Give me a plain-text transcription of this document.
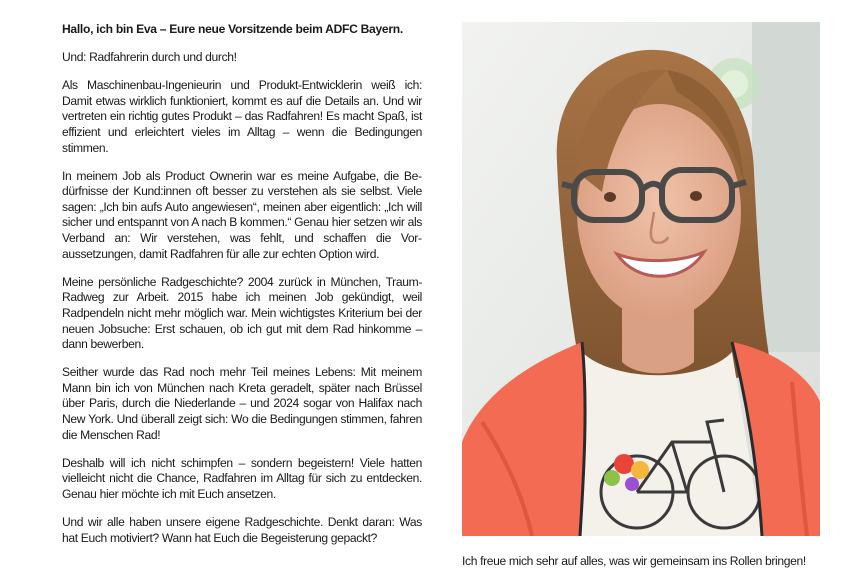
Hallo, ich bin Eva – Eure neue Vorsitzende beim ADFC Bayern.

Und: Radfahrerin durch und durch!

Als Maschinenbau-Ingenieurin und Produkt-Entwicklerin weiß ich: Damit etwas wirklich funktioniert, kommt es auf die Details an. Und wir vertreten ein richtig gutes Produkt – das Radfahren! Es macht Spaß, ist effizient und erleichtert vieles im Alltag – wenn die Bedingungen stimmen.

In meinem Job als Product Ownerin war es meine Aufgabe, die Bedürfnisse der Kund:innen oft besser zu verstehen als sie selbst. Viele sagen: „Ich bin aufs Auto angewiesen“, meinen aber eigentlich: „Ich will sicher und entspannt von A nach B kommen.“ Genau hier setzen wir als Verband an: Wir verstehen, was fehlt, und schaffen die Voraussetzungen, damit Radfahren für alle zur echten Option wird.

Meine persönliche Radgeschichte? 2004 zurück in München, Traum-Radweg zur Arbeit. 2015 habe ich meinen Job gekündigt, weil Radpendeln nicht mehr möglich war. Mein wichtigstes Kriterium bei der neuen Jobsuche: Erst schauen, ob ich gut mit dem Rad hinkomme – dann bewerben.

Seither wurde das Rad noch mehr Teil meines Lebens: Mit meinem Mann bin ich von München nach Kreta geradelt, später nach Brüssel über Paris, durch die Niederlande – und 2024 sogar von Halifax nach New York. Und überall zeigt sich: Wo die Bedingungen stimmen, fahren die Menschen Rad!

Deshalb will ich nicht schimpfen – sondern begeistern! Viele hatten vielleicht nicht die Chance, Radfahren im Alltag für sich zu entdecken. Genau hier möchte ich mit Euch ansetzen.

Und wir alle haben unsere eigene Radgeschichte. Denkt daran: Was hat Euch motiviert? Wann hat Euch die Begeisterung gepackt?

Ich freue mich sehr auf alles, was wir gemeinsam ins Rollen bringen!
